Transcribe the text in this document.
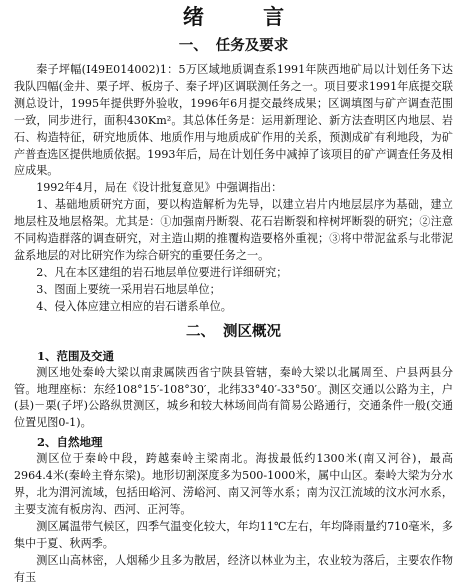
绪 言
一、 任务及要求

秦子坪幅(Ⅰ49E014002)1：5万区域地质调查系1991年陕西地矿局以计划任务下达我队四幅(金井、栗子坪、板房子、秦子坪)区调联测任务之一。项目要求1991年底提交联测总设计，1995年提供野外验收，1996年6月提交最终成果；区调填图与矿产调查范围一致，同步进行，面积430Km²。其总体任务是：运用新理论、新方法查明区内地层、岩石、构造特征，研究地质体、地质作用与地质成矿作用的关系，预测成矿有利地段，为矿产普查选区提供地质依据。1993年后，局在计划任务中减掉了该项目的矿产调查任务及相应成果。

1992年4月，局在《设计批复意见》中强调指出：

1、基础地质研究方面，要以构造解析为先导，以建立岩片内地层层序为基础，建立地层柱及地层格架。尤其是：①加强南丹断裂、花石岩断裂和梓树坪断裂的研究；②注意不同构造群落的调查研究，对主造山期的推覆构造要格外重视；③将中带泥盆系与北带泥盆系地层的对比研究作为综合研究的重要任务之一。

2、凡在本区建组的岩石地层单位要进行详细研究；

3、图面上要统一采用岩石地层单位；

4、侵入体应建立相应的岩石谱系单位。

二、 测区概况
1、范围及交通

测区地处秦岭大梁以南隶属陕西省宁陕县管辖，秦岭大梁以北属周至、户县两县分管。地理座标：东经108°15′-108°30′，北纬33°40′-33°50′。测区交通以公路为主，户(县)－栗(子坪)公路纵贯测区，城乡和较大林场间尚有简易公路通行，交通条件一般(交通位置见图0-1)。

2、自然地理

测区位于秦岭中段，跨越秦岭主梁南北。海拔最低约1300米(南又河谷)，最高2964.4米(秦岭主脊东梁)。地形切割深度多为500-1000米，属中山区。秦岭大梁为分水界，北为渭河流域，包括田峪河、涝峪河、南又河等水系；南为汉江流域的汶水河水系，主要支流有板房沟、西河、正河等。

测区属温带气候区，四季气温变化较大，年均11℃左右，年均降雨量约710毫米，多集中于夏、秋两季。

测区山高林密，人烟稀少且多为散居，经济以林业为主，农业较为落后，主要农作物有玉
